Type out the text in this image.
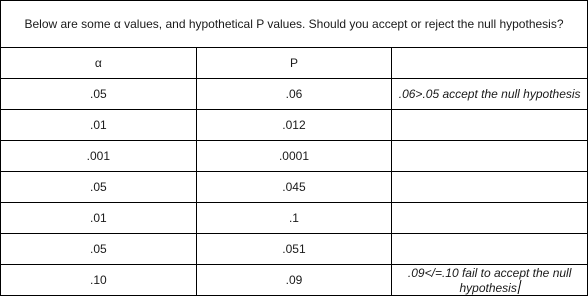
Below are some α values, and hypothetical P values. Should you accept or reject the null hypothesis?		
α	P	
.05	.06	.06>.05 accept the null hypothesis
.01	.012	
.001	.0001	
.05	.045	
.01	.1	
.05	.051	
.10	.09	.09</=.10 fail to accept the null hypothesis
